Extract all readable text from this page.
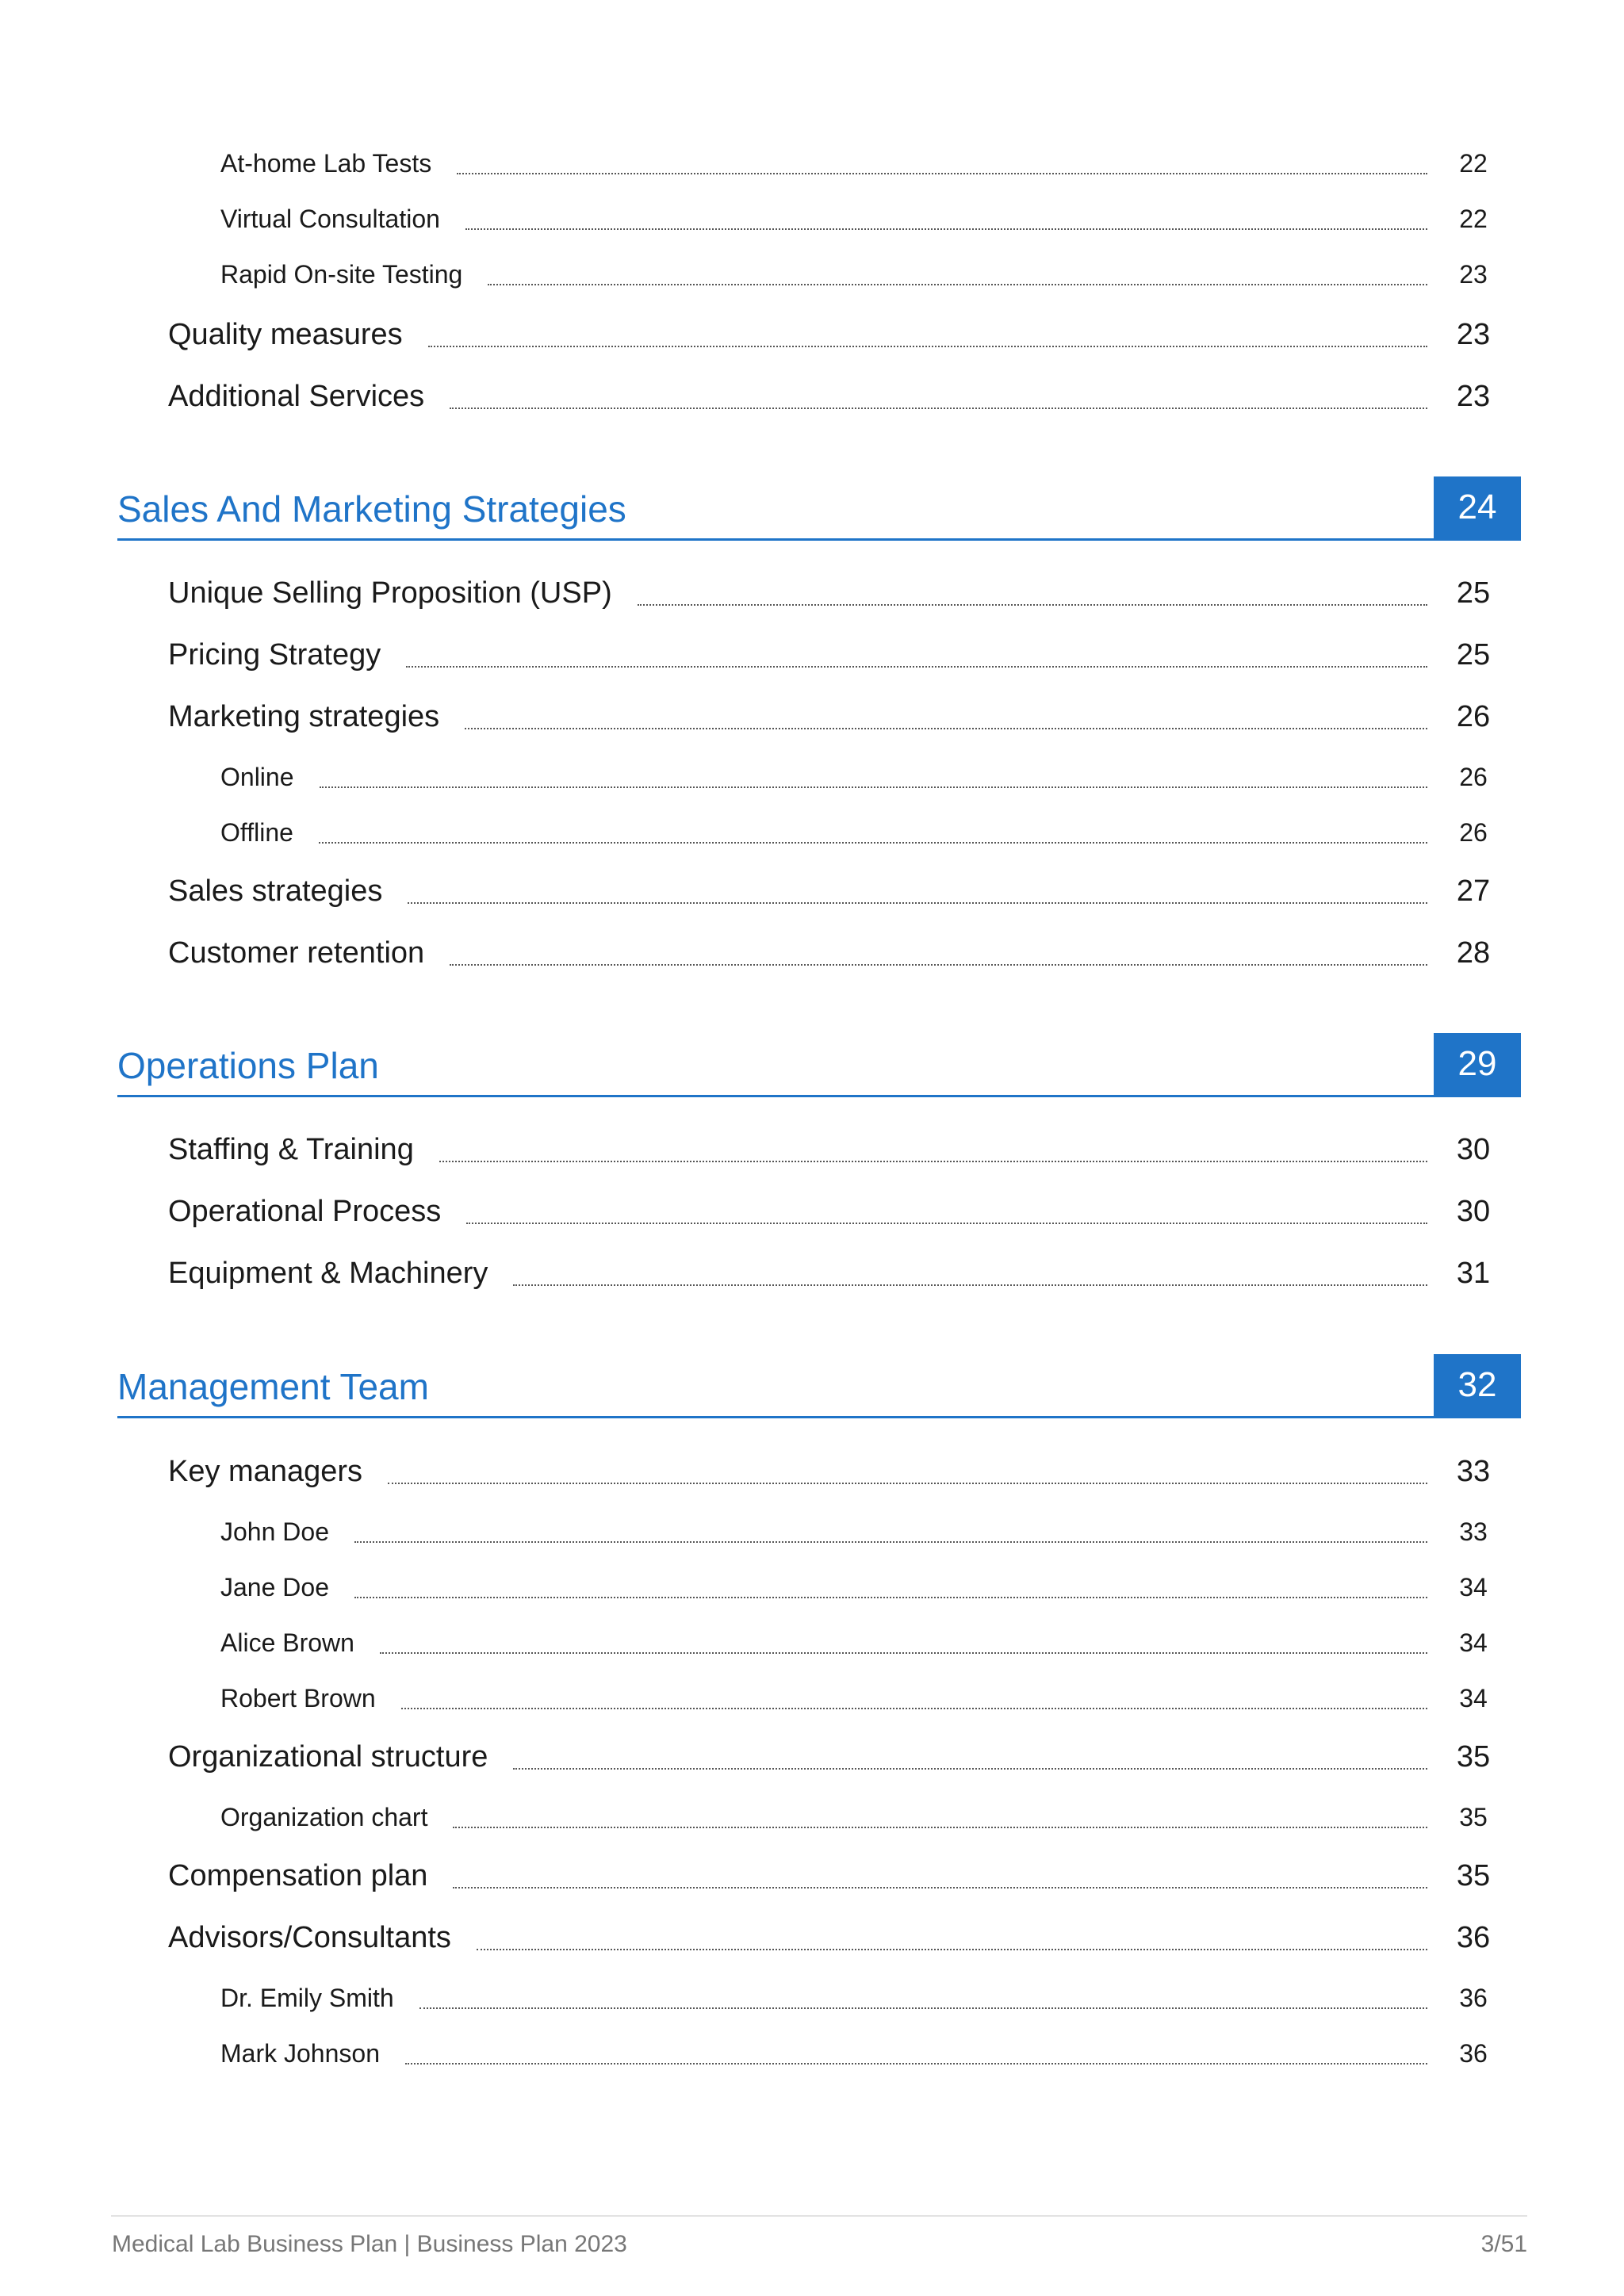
At-home Lab Tests	22
Virtual Consultation	22
Rapid On-site Testing	23
Quality measures	23
Additional Services	23
Sales And Marketing Strategies	24
Unique Selling Proposition (USP)	25
Pricing Strategy	25
Marketing strategies	26
Online	26
Offline	26
Sales strategies	27
Customer retention	28
Operations Plan	29
Staffing & Training	30
Operational Process	30
Equipment & Machinery	31
Management Team	32
Key managers	33
John Doe	33
Jane Doe	34
Alice Brown	34
Robert Brown	34
Organizational structure	35
Organization chart	35
Compensation plan	35
Advisors/Consultants	36
Dr. Emily Smith	36
Mark Johnson	36
Medical Lab Business Plan | Business Plan 2023	3/51
